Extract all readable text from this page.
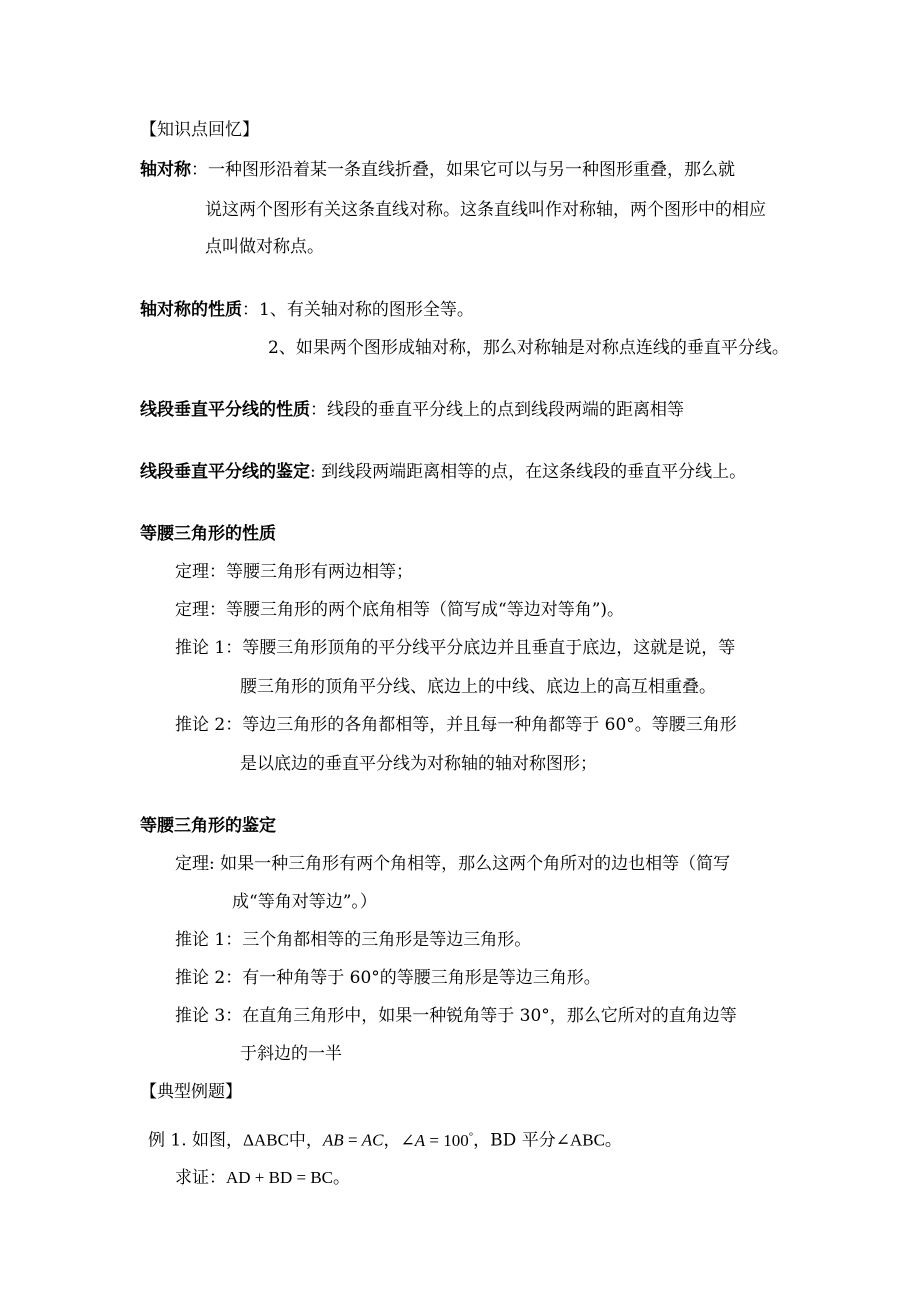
【知识点回忆】
轴对称：一种图形沿着某一条直线折叠，如果它可以与另一种图形重叠，那么就
说这两个图形有关这条直线对称。这条直线叫作对称轴，两个图形中的相应
点叫做对称点。
轴对称的性质：1、有关轴对称的图形全等。
2、如果两个图形成轴对称，那么对称轴是对称点连线的垂直平分线。
线段垂直平分线的性质：线段的垂直平分线上的点到线段两端的距离相等
线段垂直平分线的鉴定: 到线段两端距离相等的点，在这条线段的垂直平分线上。
等腰三角形的性质
定理：等腰三角形有两边相等；
定理：等腰三角形的两个底角相等（简写成“等边对等角”)。
推论 1：等腰三角形顶角的平分线平分底边并且垂直于底边，这就是说，等
腰三角形的顶角平分线、底边上的中线、底边上的高互相重叠。
推论 2：等边三角形的各角都相等，并且每一种角都等于 60°。等腰三角形
是以底边的垂直平分线为对称轴的轴对称图形；
等腰三角形的鉴定
定理: 如果一种三角形有两个角相等，那么这两个角所对的边也相等（简写
成“等角对等边”。）
推论 1：三个角都相等的三角形是等边三角形。
推论 2：有一种角等于 60°的等腰三角形是等边三角形。
推论 3：在直角三角形中，如果一种锐角等于 30°，那么它所对的直角边等
于斜边的一半
【典型例题】
例 1. 如图，ΔABC中，AB = AC，∠A = 100°，BD 平分∠ABC。
求证：AD + BD = BC。
